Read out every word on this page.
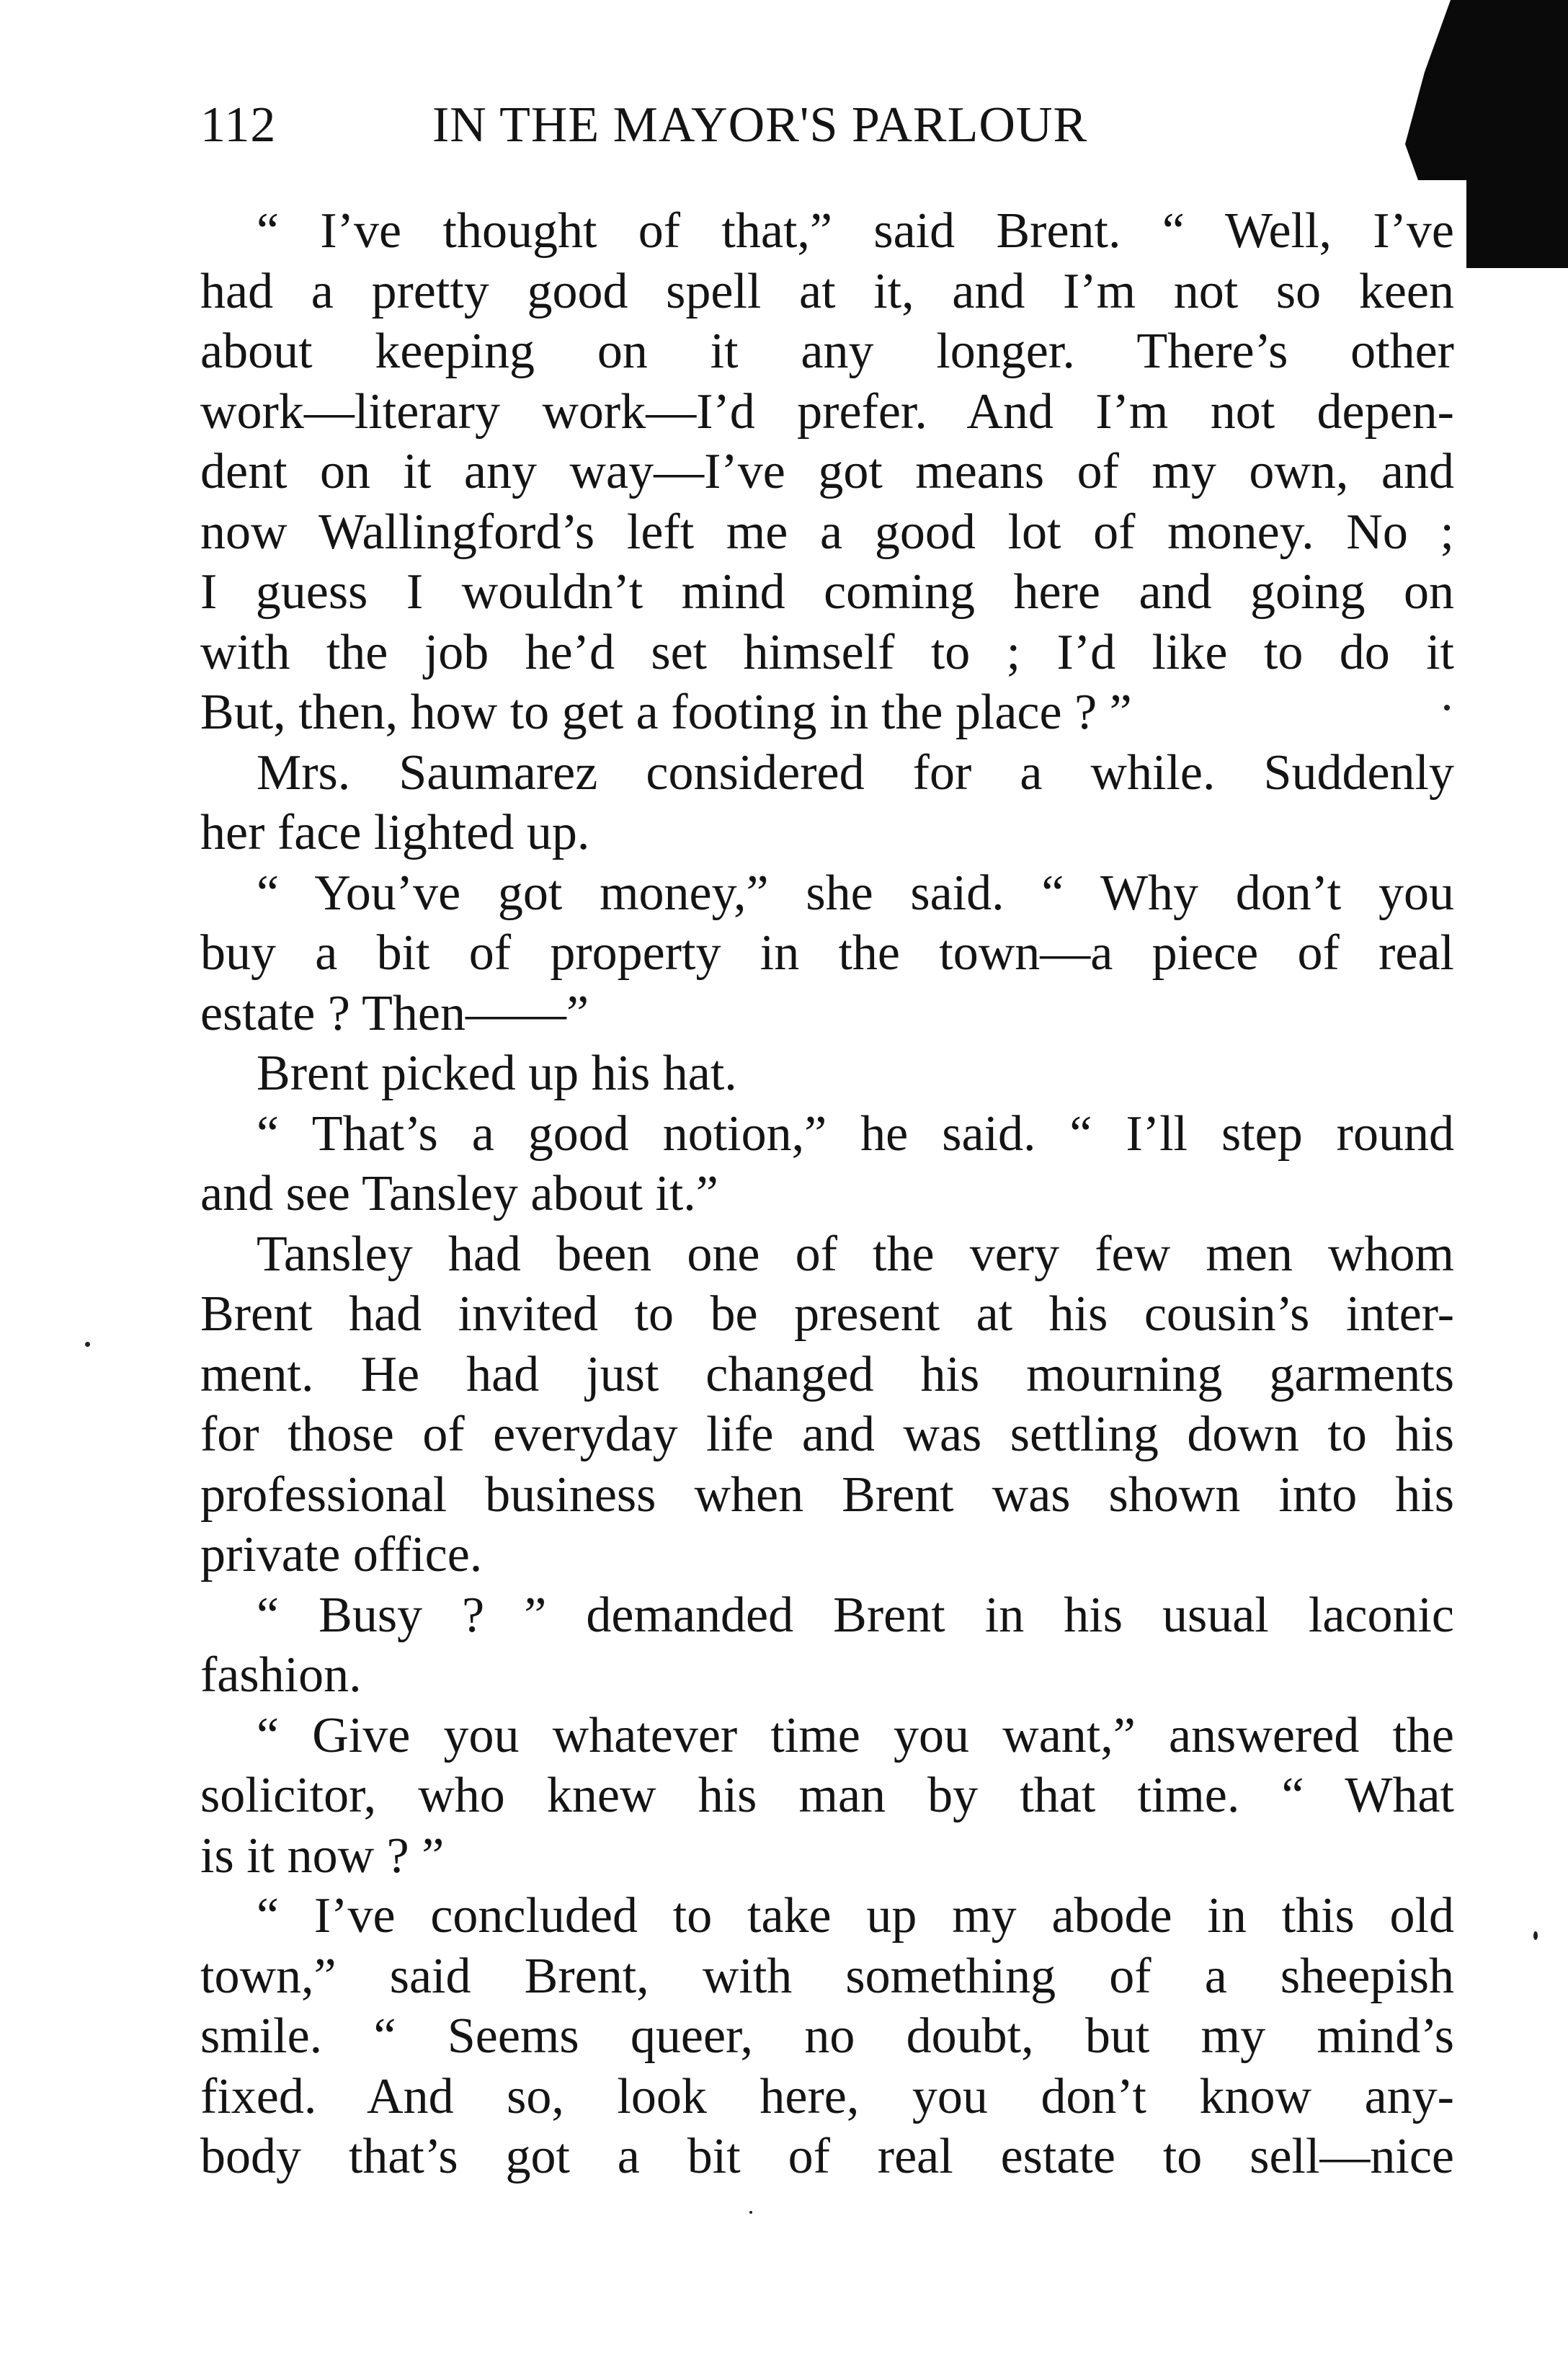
112	IN THE MAYOR'S PARLOUR
“ I’ve thought of that,” said Brent. “ Well, I’ve
had a pretty good spell at it, and I’m not so keen
about keeping on it any longer. There’s other
work—literary work—I’d prefer. And I’m not depen-
dent on it any way—I’ve got means of my own, and
now Wallingford’s left me a good lot of money. No ;
I guess I wouldn’t mind coming here and going on
with the job he’d set himself to ; I’d like to do it
But, then, how to get a footing in the place ? ”
Mrs. Saumarez considered for a while. Suddenly
her face lighted up.
“ You’ve got money,” she said. “ Why don’t you
buy a bit of property in the town—a piece of real
estate ? Then——”
Brent picked up his hat.
“ That’s a good notion,” he said. “ I’ll step round
and see Tansley about it.”
Tansley had been one of the very few men whom
Brent had invited to be present at his cousin’s inter-
ment. He had just changed his mourning garments
for those of everyday life and was settling down to his
professional business when Brent was shown into his
private office.
“ Busy ? ” demanded Brent in his usual laconic
fashion.
“ Give you whatever time you want,” answered the
solicitor, who knew his man by that time. “ What
is it now ? ”
“ I’ve concluded to take up my abode in this old
town,” said Brent, with something of a sheepish
smile. “ Seems queer, no doubt, but my mind’s
fixed. And so, look here, you don’t know any-
body that’s got a bit of real estate to sell—nice
